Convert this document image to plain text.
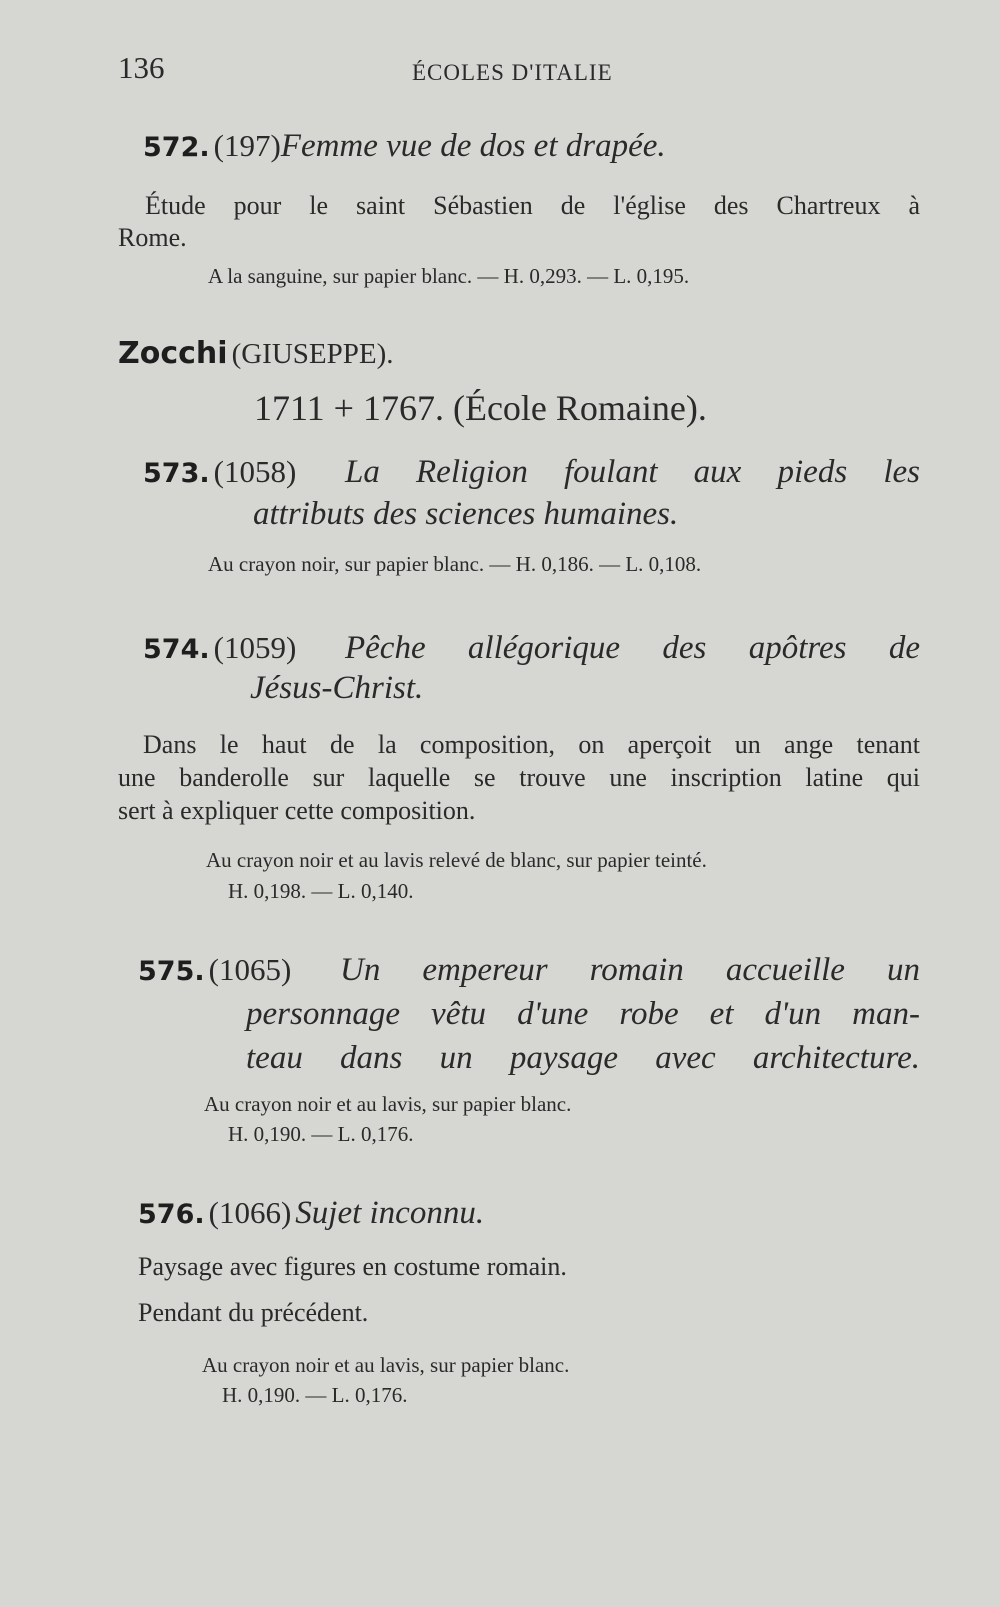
136	ÉCOLES D'ITALIE
572. (197)Femme vue de dos et drapée.
Étude pour le saint Sébastien de l'église des Chartreux à
Rome.
A la sanguine, sur papier blanc. — H. 0,293. — L. 0,195.
Zocchi (GIUSEPPE).
1711 + 1767. (École Romaine).
573. (1058) La Religion foulant aux pieds les
attributs des sciences humaines.
Au crayon noir, sur papier blanc. — H. 0,186. — L. 0,108.
574. (1059) Pêche allégorique des apôtres de
Jésus-Christ.
Dans le haut de la composition, on aperçoit un ange tenant
une banderolle sur laquelle se trouve une inscription latine qui
sert à expliquer cette composition.
Au crayon noir et au lavis relevé de blanc, sur papier teinté.
H. 0,198. — L. 0,140.
575. (1065) Un empereur romain accueille un
personnage vêtu d'une robe et d'un man-
teau dans un paysage avec architecture.
Au crayon noir et au lavis, sur papier blanc.
H. 0,190. — L. 0,176.
576. (1066) Sujet inconnu.
Paysage avec figures en costume romain.
Pendant du précédent.
Au crayon noir et au lavis, sur papier blanc.
H. 0,190. — L. 0,176.
